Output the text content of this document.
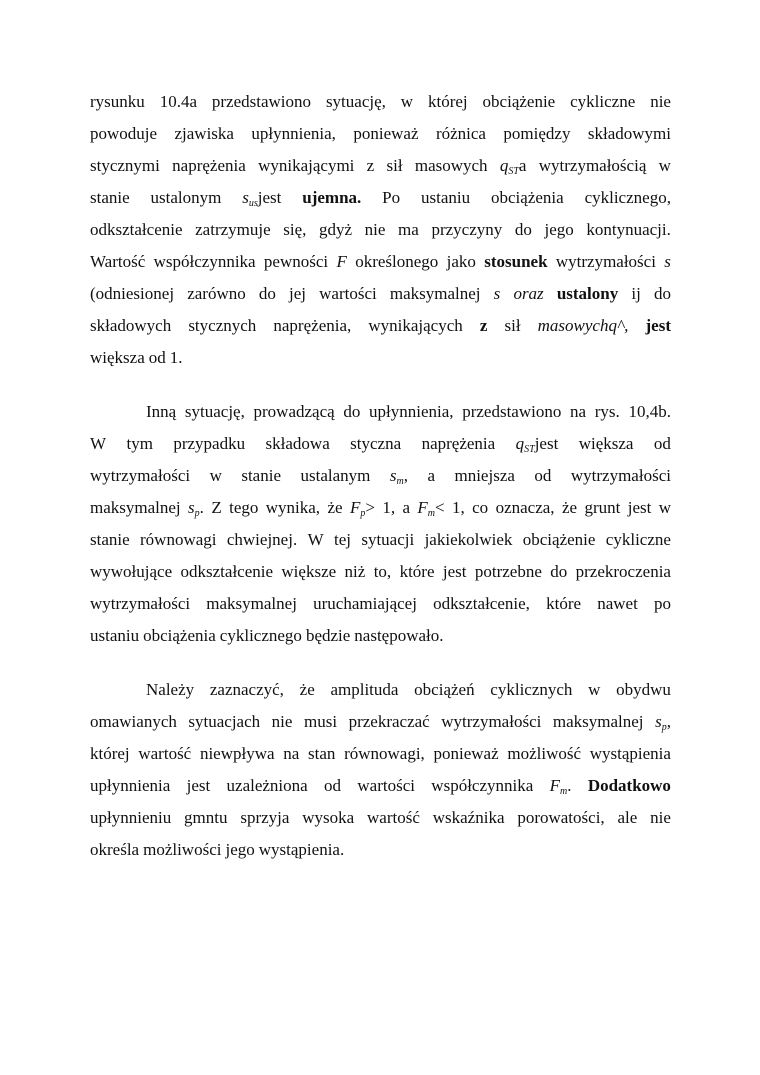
rysunku 10.4a przedstawiono sytuację, w której obciążenie cykliczne nie
powoduje zjawiska upłynnienia, ponieważ różnica pomiędzy składowymi
stycznymi naprężenia wynikającymi z sił masowych $q_{ST}a$ wytrzymałością w
stanie ustalonym $s_{us}jest$ ujemna. Po ustaniu obciążenia cyklicznego,
odkształcenie zatrzymuje się, gdyż nie ma przyczyny do jego kontynuacji.
Wartość współczynnika pewności F określonego jako stosunek wytrzymałości s
(odniesionej zarówno do jej wartości maksymalnej s oraz ustalony ij do
składowych stycznych naprężenia, wynikających z sił masowychq^, jest
większa od 1.
Inną sytuację, prowadzącą do upłynnienia, przedstawiono na rys. 10,4b.
W tym przypadku składowa styczna naprężenia $q_{ST}jest$ większa od
wytrzymałości w stanie ustalanym $s_m$, a mniejsza od wytrzymałości
maksymalnej $s_p$. Z tego wynika, że $F_p> 1$, a $F_m< 1$, co oznacza, że grunt jest w
stanie równowagi chwiejnej. W tej sytuacji jakiekolwiek obciążenie cykliczne
wywołujące odkształcenie większe niż to, które jest potrzebne do przekroczenia
wytrzymałości maksymalnej uruchamiającej odkształcenie, które nawet po
ustaniu obciążenia cyklicznego będzie następowało.
Należy zaznaczyć, że amplituda obciążeń cyklicznych w obydwu
omawianych sytuacjach nie musi przekraczać wytrzymałości maksymalnej $s_p$,
której wartość niewpływa na stan równowagi, ponieważ możliwość wystąpienia
upłynnienia jest uzależniona od wartości współczynnika $F_m$. Dodatkowo
upłynnieniu gmntu sprzyja wysoka wartość wskaźnika porowatości, ale nie
określa możliwości jego wystąpienia.
